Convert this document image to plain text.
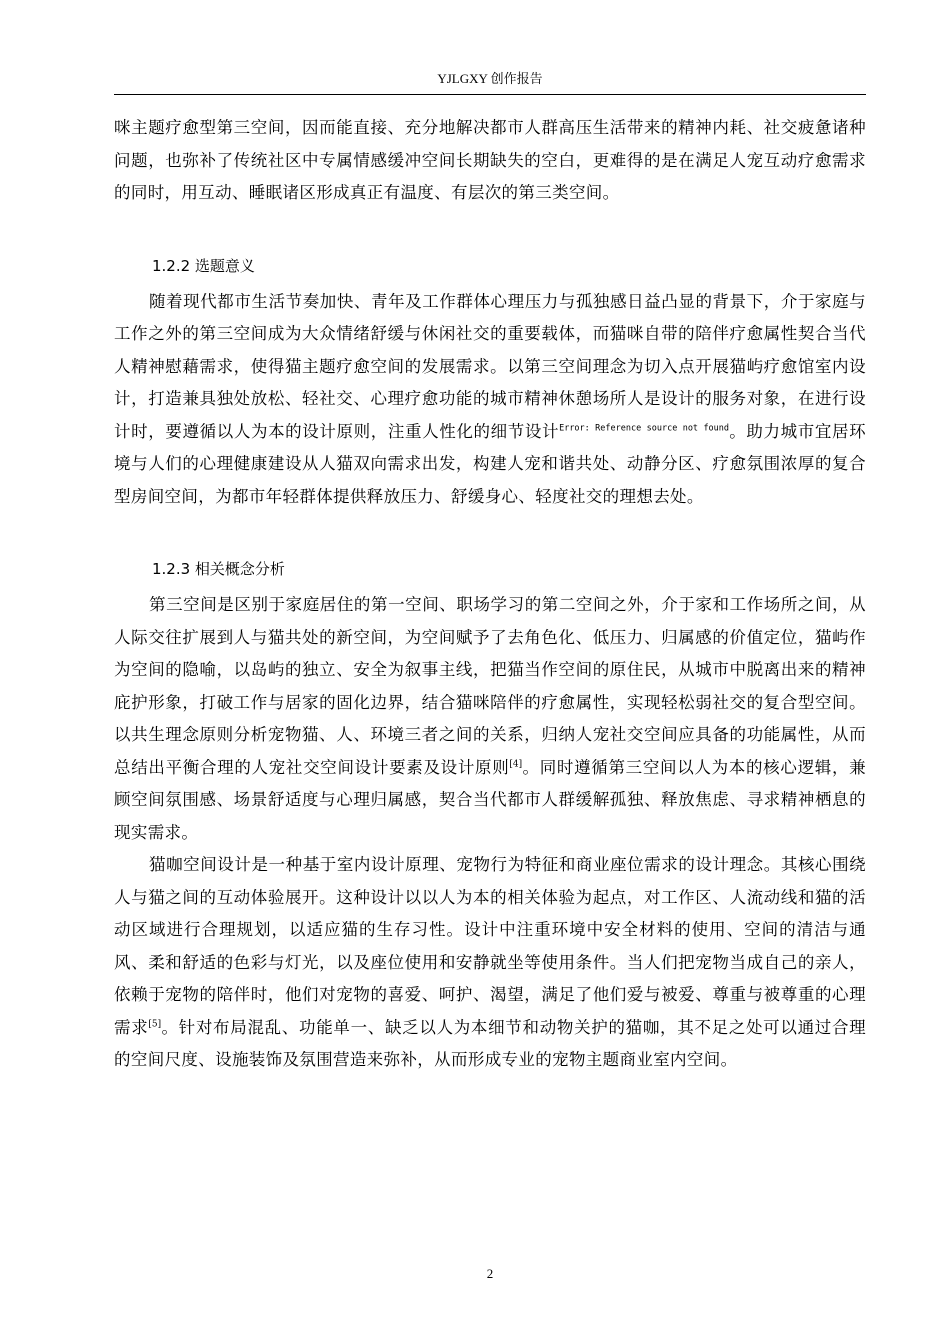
YJLGXY 创作报告

咪主题疗愈型第三空间，因而能直接、充分地解决都市人群高压生活带来的精神内耗、社交疲惫诸种问题，也弥补了传统社区中专属情感缓冲空间长期缺失的空白，更难得的是在满足人宠互动疗愈需求的同时，用互动、睡眠诸区形成真正有温度、有层次的第三类空间。

1.2.2 选题意义

随着现代都市生活节奏加快、青年及工作群体心理压力与孤独感日益凸显的背景下，介于家庭与工作之外的第三空间成为大众情绪舒缓与休闲社交的重要载体，而猫咪自带的陪伴疗愈属性契合当代人精神慰藉需求，使得猫主题疗愈空间的发展需求。以第三空间理念为切入点开展猫屿疗愈馆室内设计，打造兼具独处放松、轻社交、心理疗愈功能的城市精神休憩场所人是设计的服务对象，在进行设计时，要遵循以人为本的设计原则，注重人性化的细节设计$^{Error: Reference source not found}$。助力城市宜居环境与人们的心理健康建设从人猫双向需求出发，构建人宠和谐共处、动静分区、疗愈氛围浓厚的复合型房间空间，为都市年轻群体提供释放压力、舒缓身心、轻度社交的理想去处。

1.2.3 相关概念分析

第三空间是区别于家庭居住的第一空间、职场学习的第二空间之外，介于家和工作场所之间，从人际交往扩展到人与猫共处的新空间，为空间赋予了去角色化、低压力、归属感的价值定位，猫屿作为空间的隐喻，以岛屿的独立、安全为叙事主线，把猫当作空间的原住民，从城市中脱离出来的精神庇护形象，打破工作与居家的固化边界，结合猫咪陪伴的疗愈属性，实现轻松弱社交的复合型空间。以共生理念原则分析宠物猫、人、环境三者之间的关系，归纳人宠社交空间应具备的功能属性，从而总结出平衡合理的人宠社交空间设计要素及设计原则[4]。同时遵循第三空间以人为本的核心逻辑，兼顾空间氛围感、场景舒适度与心理归属感，契合当代都市人群缓解孤独、释放焦虑、寻求精神栖息的现实需求。

猫咖空间设计是一种基于室内设计原理、宠物行为特征和商业座位需求的设计理念。其核心围绕人与猫之间的互动体验展开。这种设计以以人为本的相关体验为起点，对工作区、人流动线和猫的活动区域进行合理规划，以适应猫的生存习性。设计中注重环境中安全材料的使用、空间的清洁与通风、柔和舒适的色彩与灯光，以及座位使用和安静就坐等使用条件。当人们把宠物当成自己的亲人，依赖于宠物的陪伴时，他们对宠物的喜爱、呵护、渴望，满足了他们爱与被爱、尊重与被尊重的心理需求[5]。针对布局混乱、功能单一、缺乏以人为本细节和动物关护的猫咖，其不足之处可以通过合理的空间尺度、设施装饰及氛围营造来弥补，从而形成专业的宠物主题商业室内空间。

2
